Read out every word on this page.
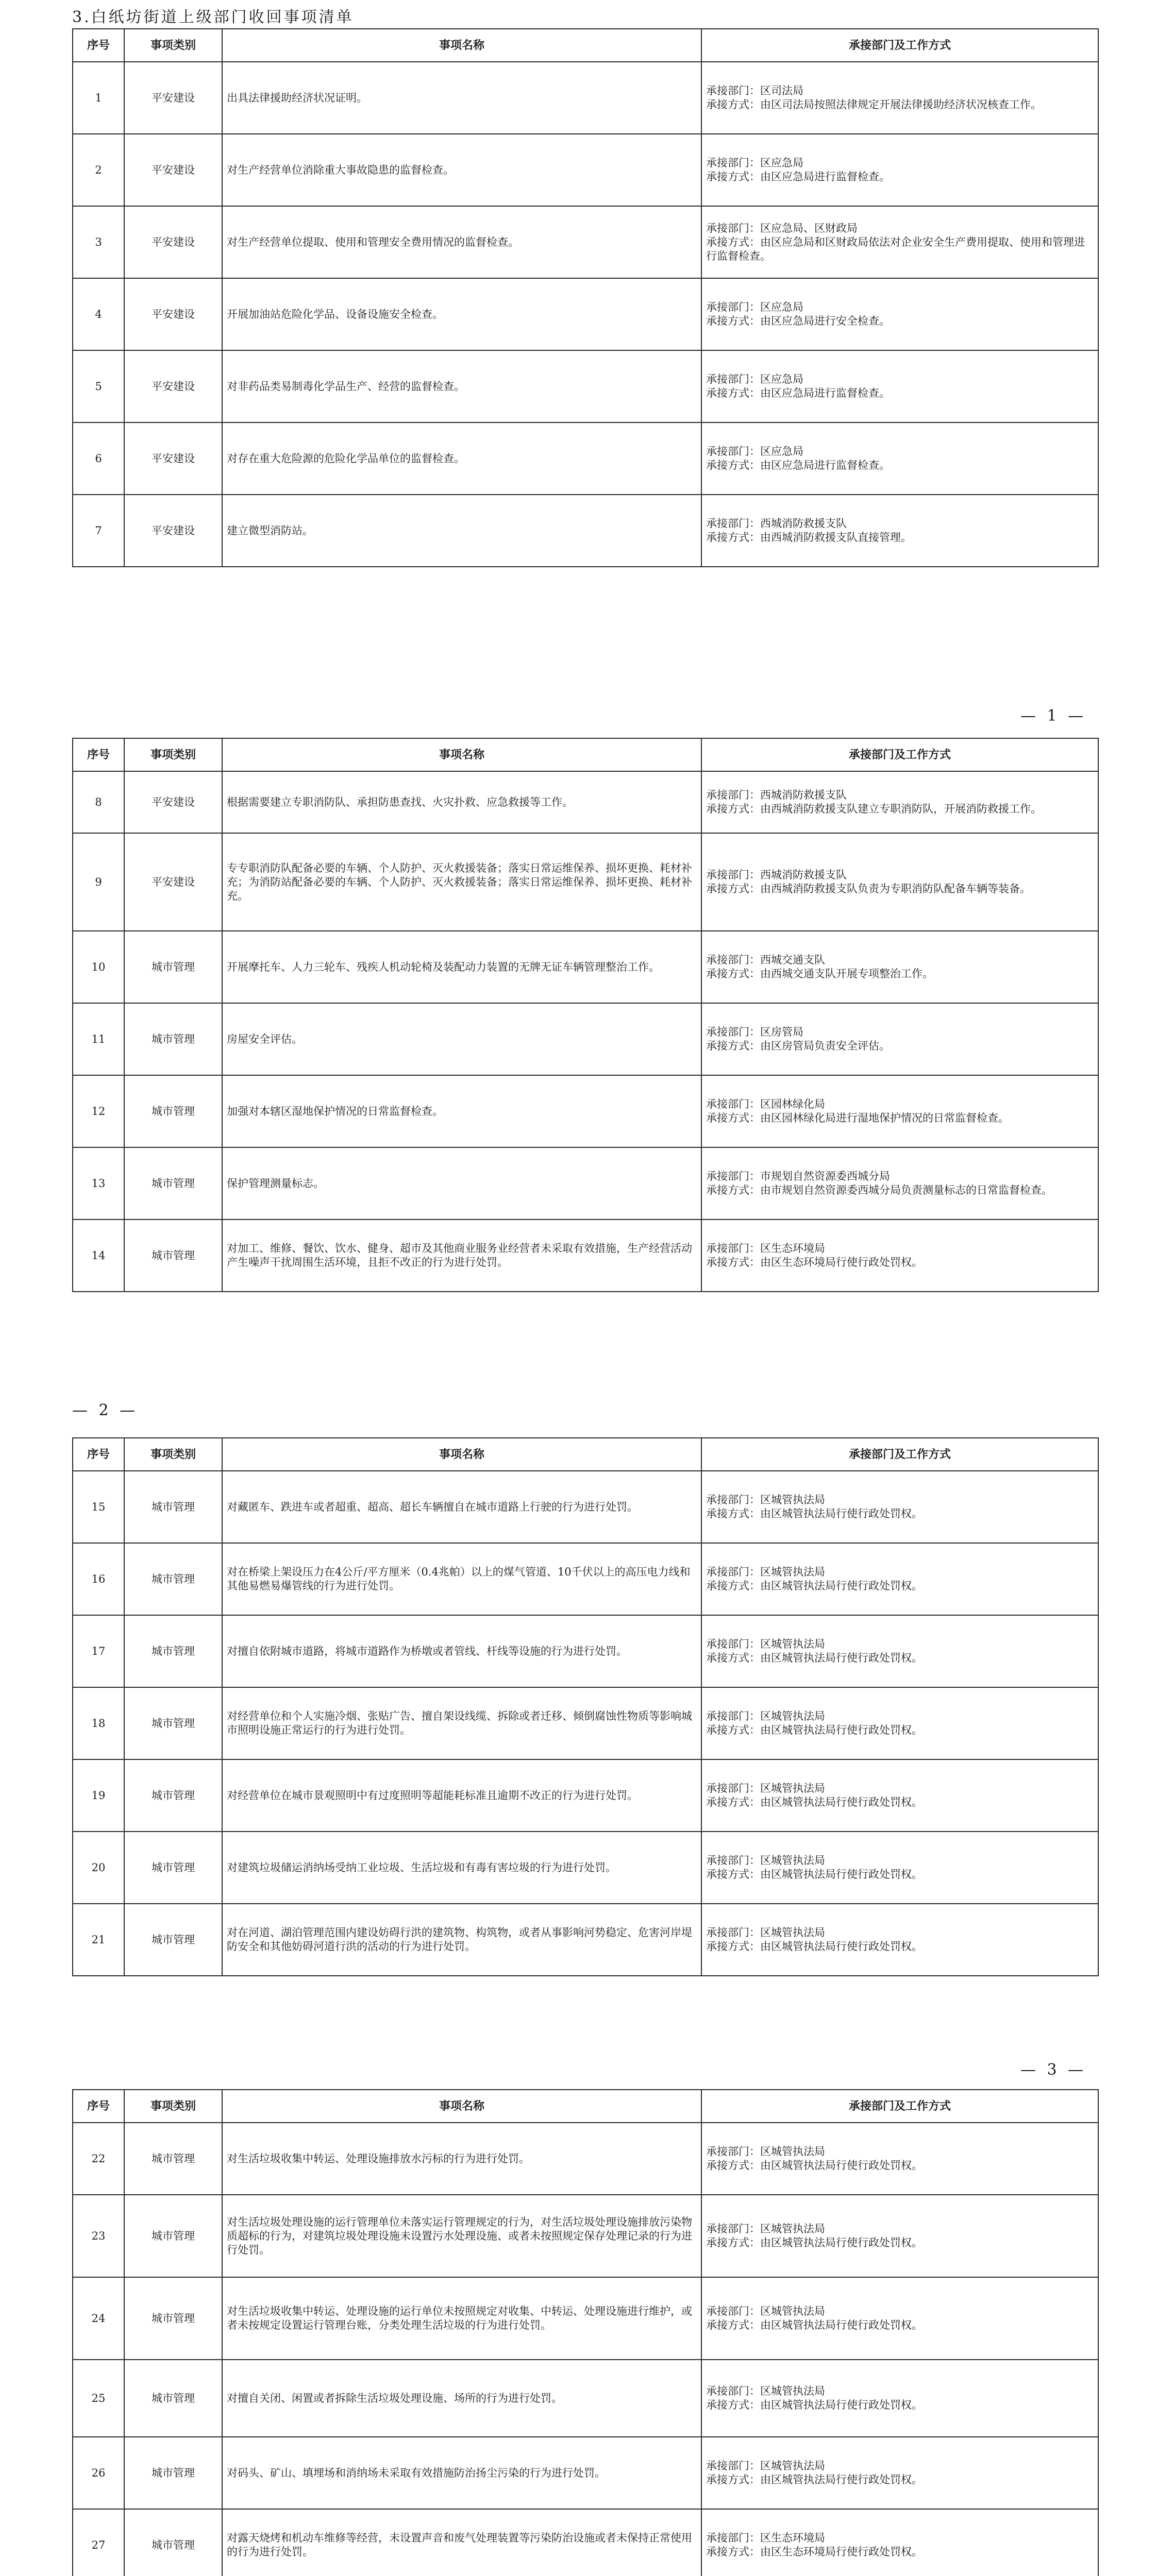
3.白纸坊街道上级部门收回事项清单
序号	事项类别	事项名称	承接部门及工作方式
1	平安建设	出具法律援助经济状况证明。	承接部门：区司法局
承接方式：由区司法局按照法律规定开展法律援助经济状况核查工作。

2	平安建设	对生产经营单位消除重大事故隐患的监督检查。	承接部门：区应急局
承接方式：由区应急局进行监督检查。

3	平安建设	对生产经营单位提取、使用和管理安全费用情况的监督检查。	承接部门：区应急局、区财政局
承接方式：由区应急局和区财政局依法对企业安全生产费用提取、使用和管理进行监督检查。

4	平安建设	开展加油站危险化学品、设备设施安全检查。	承接部门：区应急局
承接方式：由区应急局进行安全检查。

5	平安建设	对非药品类易制毒化学品生产、经营的监督检查。	承接部门：区应急局
承接方式：由区应急局进行监督检查。

6	平安建设	对存在重大危险源的危险化学品单位的监督检查。	承接部门：区应急局
承接方式：由区应急局进行监督检查。

7	平安建设	建立微型消防站。	承接部门：西城消防救援支队
承接方式：由西城消防救援支队直接管理。
— 1 —
序号	事项类别	事项名称	承接部门及工作方式
8	平安建设	根据需要建立专职消防队、承担防患查找、火灾扑救、应急救援等工作。	承接部门：西城消防救援支队
承接方式：由西城消防救援支队建立专职消防队，开展消防救援工作。

9	平安建设	专专职消防队配备必要的车辆、个人防护、灭火救援装备；落实日常运维保养、损坏更换、耗材补充；为消防站配备必要的车辆、个人防护、灭火救援装备；落实日常运维保养、损坏更换、耗材补充。	承接部门：西城消防救援支队
承接方式：由西城消防救援支队负责为专职消防队配备车辆等装备。

10	城市管理	开展摩托车、人力三轮车、残疾人机动轮椅及装配动力装置的无牌无证车辆管理整治工作。	承接部门：西城交通支队
承接方式：由西城交通支队开展专项整治工作。

11	城市管理	房屋安全评估。	承接部门：区房管局
承接方式：由区房管局负责安全评估。

12	城市管理	加强对本辖区湿地保护情况的日常监督检查。	承接部门：区园林绿化局
承接方式：由区园林绿化局进行湿地保护情况的日常监督检查。

13	城市管理	保护管理测量标志。	承接部门：市规划自然资源委西城分局
承接方式：由市规划自然资源委西城分局负责测量标志的日常监督检查。

14	城市管理	对加工、维修、餐饮、饮水、健身、超市及其他商业服务业经营者未采取有效措施，生产经营活动产生噪声干扰周围生活环境，且拒不改正的行为进行处罚。	承接部门：区生态环境局
承接方式：由区生态环境局行使行政处罚权。
— 2 —
序号	事项类别	事项名称	承接部门及工作方式
15	城市管理	对藏匿车、跌进车或者超重、超高、超长车辆擅自在城市道路上行驶的行为进行处罚。	承接部门：区城管执法局
承接方式：由区城管执法局行使行政处罚权。

16	城市管理	对在桥梁上架设压力在4公斤/平方厘米（0.4兆帕）以上的煤气管道、10千伏以上的高压电力线和其他易燃易爆管线的行为进行处罚。	承接部门：区城管执法局
承接方式：由区城管执法局行使行政处罚权。

17	城市管理	对擅自依附城市道路，将城市道路作为桥墩或者管线、杆线等设施的行为进行处罚。	承接部门：区城管执法局
承接方式：由区城管执法局行使行政处罚权。

18	城市管理	对经营单位和个人实施冷烟、张贴广告、擅自架设线缆、拆除或者迁移、倾倒腐蚀性物质等影响城市照明设施正常运行的行为进行处罚。	承接部门：区城管执法局
承接方式：由区城管执法局行使行政处罚权。

19	城市管理	对经营单位在城市景观照明中有过度照明等超能耗标准且逾期不改正的行为进行处罚。	承接部门：区城管执法局
承接方式：由区城管执法局行使行政处罚权。

20	城市管理	对建筑垃圾储运消纳场受纳工业垃圾、生活垃圾和有毒有害垃圾的行为进行处罚。	承接部门：区城管执法局
承接方式：由区城管执法局行使行政处罚权。

21	城市管理	对在河道、湖泊管理范围内建设妨碍行洪的建筑物、构筑物，或者从事影响河势稳定、危害河岸堤防安全和其他妨碍河道行洪的活动的行为进行处罚。	承接部门：区城管执法局
承接方式：由区城管执法局行使行政处罚权。
— 3 —
序号	事项类别	事项名称	承接部门及工作方式
22	城市管理	对生活垃圾收集中转运、处理设施排放水污标的行为进行处罚。	承接部门：区城管执法局
承接方式：由区城管执法局行使行政处罚权。

23	城市管理	对生活垃圾处理设施的运行管理单位未落实运行管理规定的行为，对生活垃圾处理设施排放污染物质超标的行为，对建筑垃圾处理设施未设置污水处理设施、或者未按照规定保存处理记录的行为进行处罚。	承接部门：区城管执法局
承接方式：由区城管执法局行使行政处罚权。

24	城市管理	对生活垃圾收集中转运、处理设施的运行单位未按照规定对收集、中转运、处理设施进行维护，或者未按规定设置运行管理台账，分类处理生活垃圾的行为进行处罚。	承接部门：区城管执法局
承接方式：由区城管执法局行使行政处罚权。

25	城市管理	对擅自关闭、闲置或者拆除生活垃圾处理设施、场所的行为进行处罚。	承接部门：区城管执法局
承接方式：由区城管执法局行使行政处罚权。

26	城市管理	对码头、矿山、填埋场和消纳场未采取有效措施防治扬尘污染的行为进行处罚。	承接部门：区城管执法局
承接方式：由区城管执法局行使行政处罚权。

27	城市管理	对露天烧烤和机动车维修等经营，未设置声音和废气处理装置等污染防治设施或者未保持正常使用的行为进行处罚。	承接部门：区生态环境局
承接方式：由区生态环境局行使行政处罚权。
